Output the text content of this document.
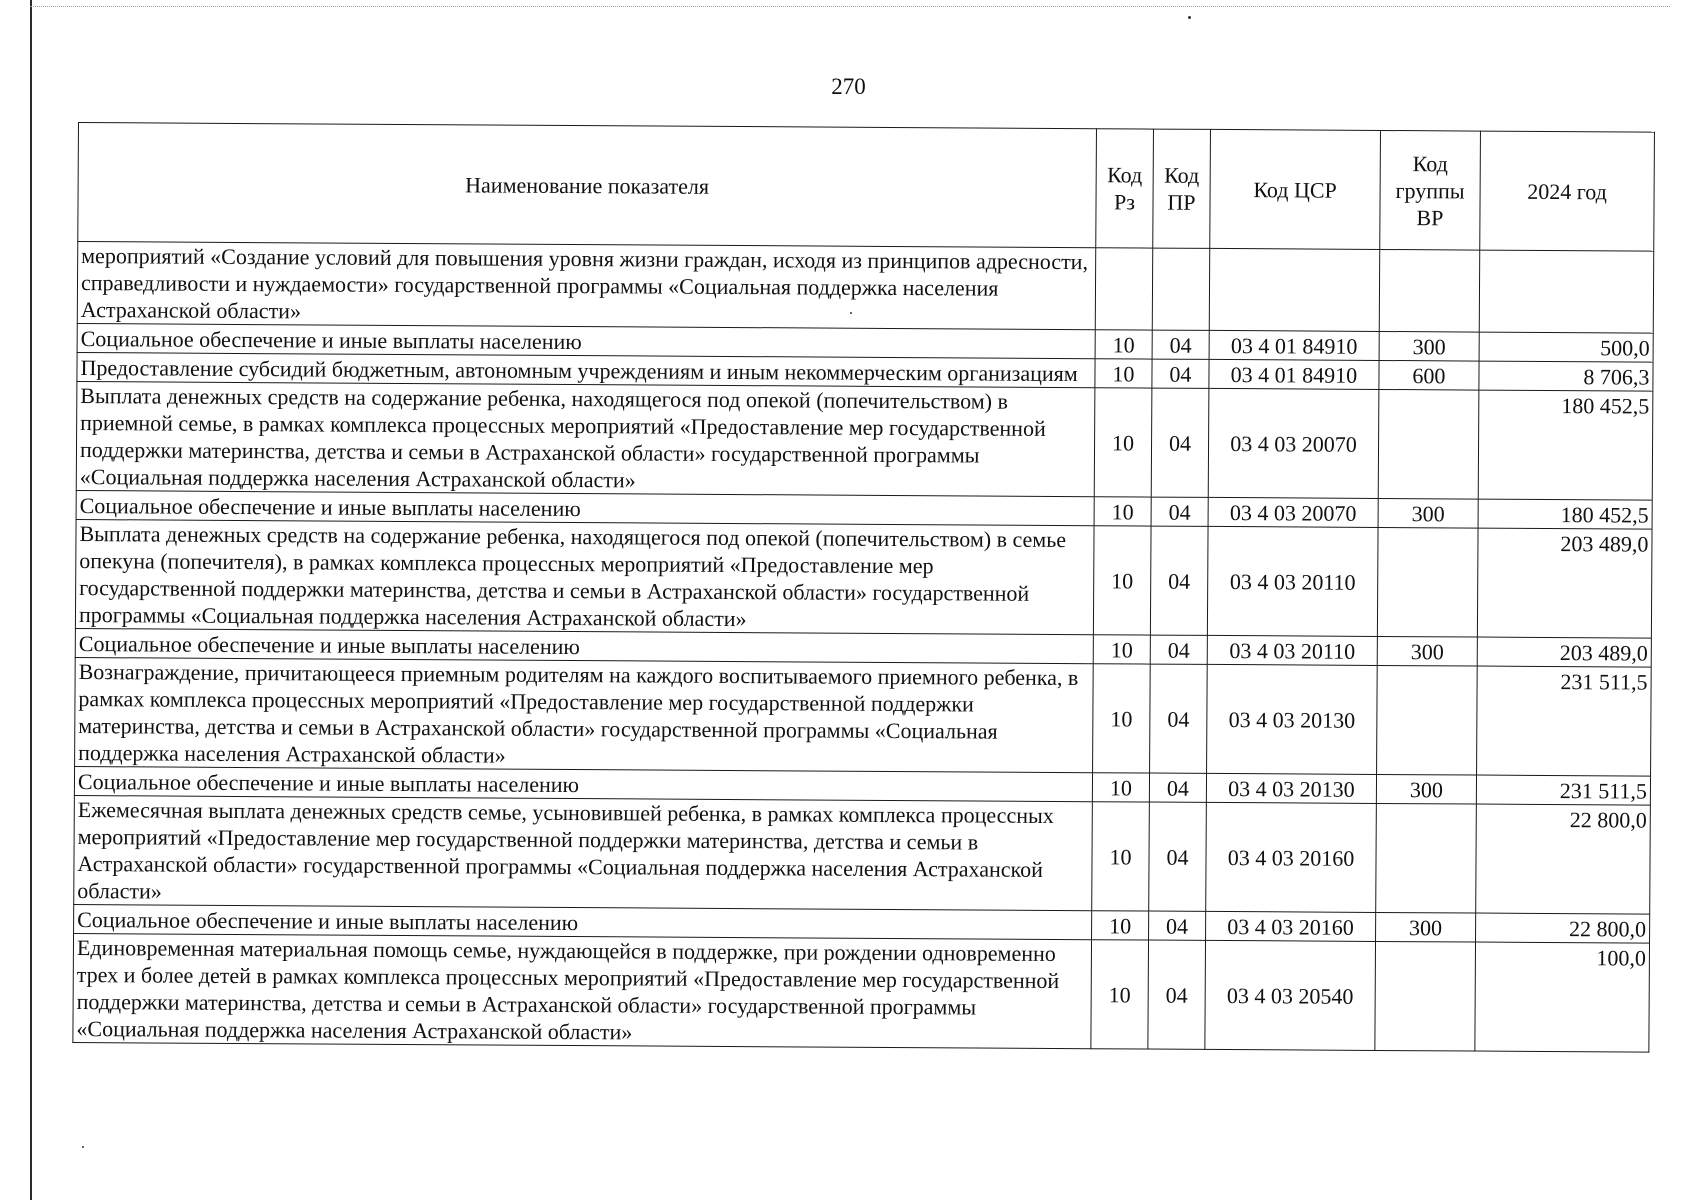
270
Наименование показателя	Код Рз	Код ПР	Код ЦСР	Код группы ВР	2024 год
мероприятий «Создание условий для повышения уровня жизни граждан, исходя из принципов адресности, справедливости и нуждаемости» государственной программы «Социальная поддержка населения Астраханской области»					
Социальное обеспечение и иные выплаты населению	10	04	03 4 01 84910	300	500,0
Предоставление субсидий бюджетным, автономным учреждениям и иным некоммерческим организациям	10	04	03 4 01 84910	600	8 706,3
Выплата денежных средств на содержание ребенка, находящегося под опекой (попечительством) в приемной семье, в рамках комплекса процессных мероприятий «Предоставление мер государственной поддержки материнства, детства и семьи в Астраханской области» государственной программы «Социальная поддержка населения Астраханской области»	10	04	03 4 03 20070		180 452,5
Социальное обеспечение и иные выплаты населению	10	04	03 4 03 20070	300	180 452,5
Выплата денежных средств на содержание ребенка, находящегося под опекой (попечительством) в семье опекуна (попечителя), в рамках комплекса процессных мероприятий «Предоставление мер государственной поддержки материнства, детства и семьи в Астраханской области» государственной программы «Социальная поддержка населения Астраханской области»	10	04	03 4 03 20110		203 489,0
Социальное обеспечение и иные выплаты населению	10	04	03 4 03 20110	300	203 489,0
Вознаграждение, причитающееся приемным родителям на каждого воспитываемого приемного ребенка, в рамках комплекса процессных мероприятий «Предоставление мер государственной поддержки материнства, детства и семьи в Астраханской области» государственной программы «Социальная поддержка населения Астраханской области»	10	04	03 4 03 20130		231 511,5
Социальное обеспечение и иные выплаты населению	10	04	03 4 03 20130	300	231 511,5
Ежемесячная выплата денежных средств семье, усыновившей ребенка, в рамках комплекса процессных мероприятий «Предоставление мер государственной поддержки материнства, детства и семьи в Астраханской области» государственной программы «Социальная поддержка населения Астраханской области»	10	04	03 4 03 20160		22 800,0
Социальное обеспечение и иные выплаты населению	10	04	03 4 03 20160	300	22 800,0
Единовременная материальная помощь семье, нуждающейся в поддержке, при рождении одновременно трех и более детей в рамках комплекса процессных мероприятий «Предоставление мер государственной поддержки материнства, детства и семьи в Астраханской области» государственной программы «Социальная поддержка населения Астраханской области»	10	04	03 4 03 20540		100,0
